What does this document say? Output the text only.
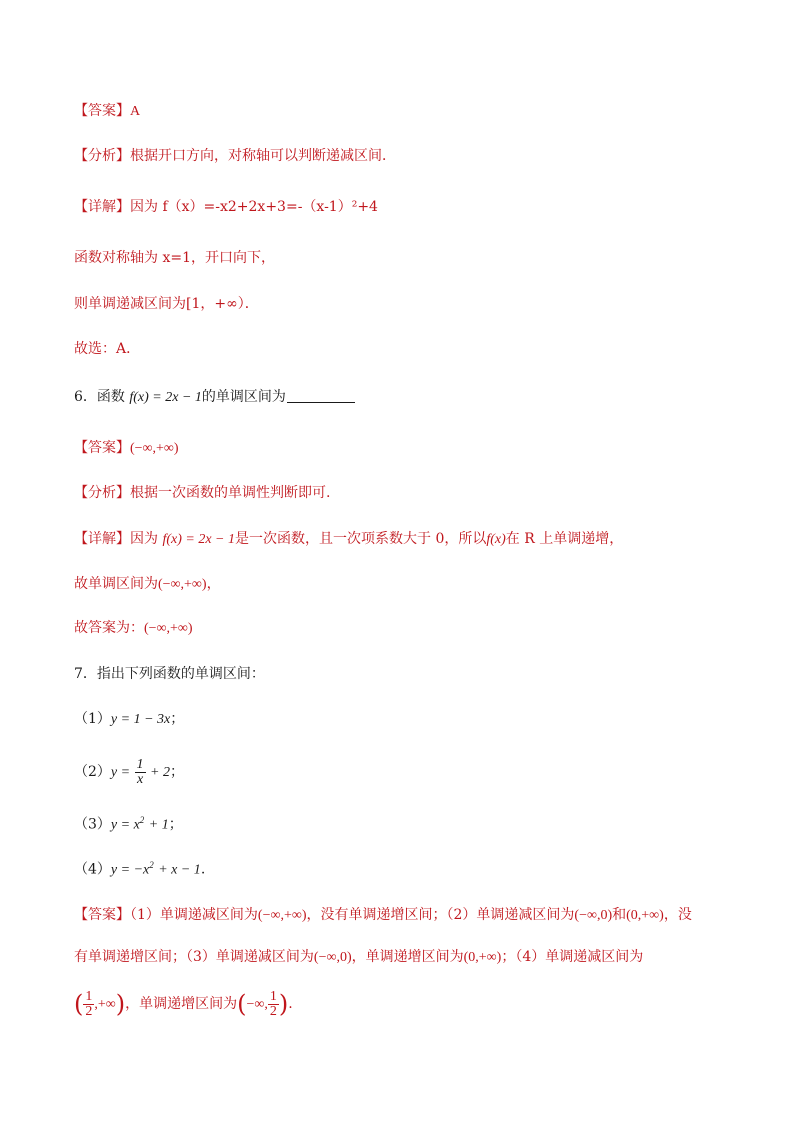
【答案】A
【分析】根据开口方向，对称轴可以判断递减区间．
【详解】因为 f（x）=-x2+2x+3=-（x-1）²+4
函数对称轴为 x=1，开口向下，
则单调递减区间为[1，+∞）．
故选：A．
6．函数 f(x) = 2x − 1的单调区间为
【答案】(−∞,+∞)
【分析】根据一次函数的单调性判断即可.
【详解】因为 f(x) = 2x − 1是一次函数，且一次项系数大于 0，所以f(x)在 R 上单调递增，
故单调区间为(−∞,+∞)，
故答案为：(−∞,+∞)
7．指出下列函数的单调区间：
（1）y = 1 − 3x；
$(2)y = \frac{1}{x} + 2$；
$(3)y = x^2 + 1$；
$(4)y = -x^2 + x - 1$.
【答案】（1）单调递减区间为(−∞,+∞)，没有单调递增区间；（2）单调递减区间为(−∞,0)和(0,+∞)，没
有单调递增区间；（3）单调递减区间为(−∞,0)，单调递增区间为(0,+∞)；（4）单调递减区间为
( $\frac{1}{2}$ ,+∞)，单调递增区间为(−∞, $\frac{1}{2}$ ).
